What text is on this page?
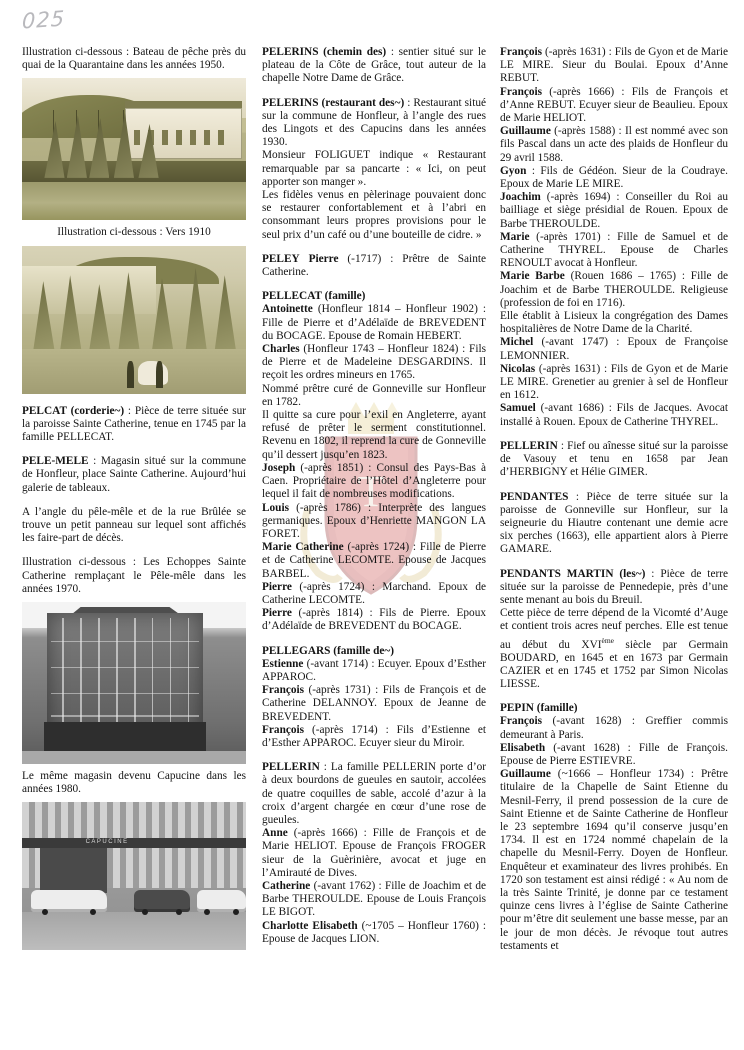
025
T
Illustration ci-dessous : Bateau de pêche près du quai de la Quarantaine dans les années 1950.
Illustration ci-dessous : Vers 1910
PELCAT (corderie~) : Pièce de terre située sur la paroisse Sainte Catherine, tenue en 1745 par la famille PELLECAT.
PELE-MELE : Magasin situé sur la commune de Honfleur, place Sainte Catherine. Aujourd’hui galerie de tableaux.
A l’angle du pêle-mêle et de la rue Brûlée se trouve un petit panneau sur lequel sont affichés les faire-part de décès.
Illustration ci-dessous : Les Echoppes Sainte Catherine remplaçant le Pêle-mêle dans les années 1970.
Le même magasin devenu Capucine dans les années 1980.
CAPUCINE
PELERINS (chemin des) : sentier situé sur le plateau de la Côte de Grâce, tout auteur de la chapelle Notre Dame de Grâce.
PELERINS (restaurant des~) : Restaurant situé sur la commune de Honfleur, à l’angle des rues des Lingots et des Capucins dans les années 1930.
Monsieur FOLIGUET indique « Restaurant remarquable par sa pancarte : « Ici, on peut apporter son manger ».
Les fidèles venus en pèlerinage pouvaient donc se restaurer confortablement et à l’abri en consommant leurs propres provisions pour le seul prix d’un café ou d’une bouteille de cidre. »
PELEY Pierre (-1717) : Prêtre de Sainte Catherine.
PELLECAT (famille)
Antoinette (Honfleur 1814 – Honfleur 1902) : Fille de Pierre et d’Adélaïde de BREVEDENT du BOCAGE. Epouse de Romain HEBERT.
Charles (Honfleur 1743 – Honfleur 1824) : Fils de Pierre et de Madeleine DESGARDINS. Il reçoit les ordres mineurs en 1765.
Nommé prêtre curé de Gonneville sur Honfleur en 1782.
Il quitte sa cure pour l’exil en Angleterre, ayant refusé de prêter le serment constitutionnel. Revenu en 1802, il reprend la cure de Gonneville qu’il dessert jusqu’en 1823.
Joseph (-après 1851) : Consul des Pays-Bas à Caen. Propriétaire de l’Hôtel d’Angleterre pour lequel il fait de nombreuses modifications.
Louis (-après 1786) : Interprète des langues germaniques. Epoux d’Henriette MANGON LA FORET.
Marie Catherine (-après 1724) : Fille de Pierre et de Catherine LECOMTE. Epouse de Jacques BARBEL.
Pierre (-après 1724) : Marchand. Epoux de Catherine LECOMTE.
Pierre (-après 1814) : Fils de Pierre. Epoux d’Adélaïde de BREVEDENT du BOCAGE.
PELLEGARS (famille de~)
Estienne (-avant 1714) : Ecuyer. Epoux d’Esther APPAROC.
François (-après 1731) : Fils de François et de Catherine DELANNOY. Epoux de Jeanne de BREVEDENT.
François (-après 1714) : Fils d’Estienne et d’Esther APPAROC. Ecuyer sieur du Miroir.
PELLERIN : La famille PELLERIN porte d’or à deux bourdons de gueules en sautoir, accolées de quatre coquilles de sable, accolé d’azur à la croix d’argent chargée en cœur d’une rose de gueules.
Anne (-après 1666) : Fille de François et de Marie HELIOT. Epouse de François FROGER sieur de la Guèrinière, avocat et juge en l’Amirauté de Dives.
Catherine (-avant 1762) : Fille de Joachim et de Barbe THEROULDE. Epouse de Louis François LE BIGOT.
Charlotte Elisabeth (~1705 – Honfleur 1760) : Epouse de Jacques LION.
François (-après 1631) : Fils de Gyon et de Marie LE MIRE. Sieur du Boulai. Epoux d’Anne REBUT.
François (-après 1666) : Fils de François et d’Anne REBUT. Ecuyer sieur de Beaulieu. Epoux de Marie HELIOT.
Guillaume (-après 1588) : Il est nommé avec son fils Pascal dans un acte des plaids de Honfleur du 29 avril 1588.
Gyon : Fils de Gédéon. Sieur de la Coudraye. Epoux de Marie LE MIRE.
Joachim (-après 1694) : Conseiller du Roi au bailliage et siège présidial de Rouen. Epoux de Barbe THEROULDE.
Marie (-après 1701) : Fille de Samuel et de Catherine THYREL. Epouse de Charles RENOULT avocat à Honfleur.
Marie Barbe (Rouen 1686 – 1765) : Fille de Joachim et de Barbe THEROULDE. Religieuse (profession de foi en 1716).
Elle établit à Lisieux la congrégation des Dames hospitalières de Notre Dame de la Charité.
Michel (-avant 1747) : Epoux de Françoise LEMONNIER.
Nicolas (-après 1631) : Fils de Gyon et de Marie LE MIRE. Grenetier au grenier à sel de Honfleur en 1612.
Samuel (-avant 1686) : Fils de Jacques. Avocat installé à Rouen. Epoux de Catherine THYREL.
PELLERIN : Fief ou aînesse situé sur la paroisse de Vasouy et tenu en 1658 par Jean d’HERBIGNY et Hélie GIMER.
PENDANTES : Pièce de terre située sur la paroisse de Gonneville sur Honfleur, sur la seigneurie du Hiautre contenant une demie acre six perches (1663), elle appartient alors à Pierre GAMARE.
PENDANTS MARTIN (les~) : Pièce de terre située sur la paroisse de Pennedepie, près d’une sente menant au bois du Breuil.
Cette pièce de terre dépend de la Vicomté d’Auge et contient trois acres neuf perches. Elle est tenue au début du XVIème siècle par Germain BOUDARD, en 1645 et en 1673 par Germain CAZIER et en 1745 et 1752 par Simon Nicolas LIESSE.
PEPIN (famille)
François (-avant 1628) : Greffier commis demeurant à Paris.
Elisabeth (-avant 1628) : Fille de François. Epouse de Pierre ESTIEVRE.
Guillaume (~1666 – Honfleur 1734) : Prêtre titulaire de la Chapelle de Saint Etienne du Mesnil-Ferry, il prend possession de la cure de Saint Etienne et de Sainte Catherine de Honfleur le 23 septembre 1694 qu’il conserve jusqu’en 1734. Il est en 1724 nommé chapelain de la chapelle du Mesnil-Ferry. Doyen de Honfleur. Enquêteur et examinateur des livres prohibés. En 1720 son testament est ainsi rédigé : « Au nom de la très Sainte Trinité, je donne par ce testament quinze cens livres à l’église de Sainte Catherine pour m’être dit seulement une basse messe, par an le jour de mon décès. Je révoque tout autres testaments et
